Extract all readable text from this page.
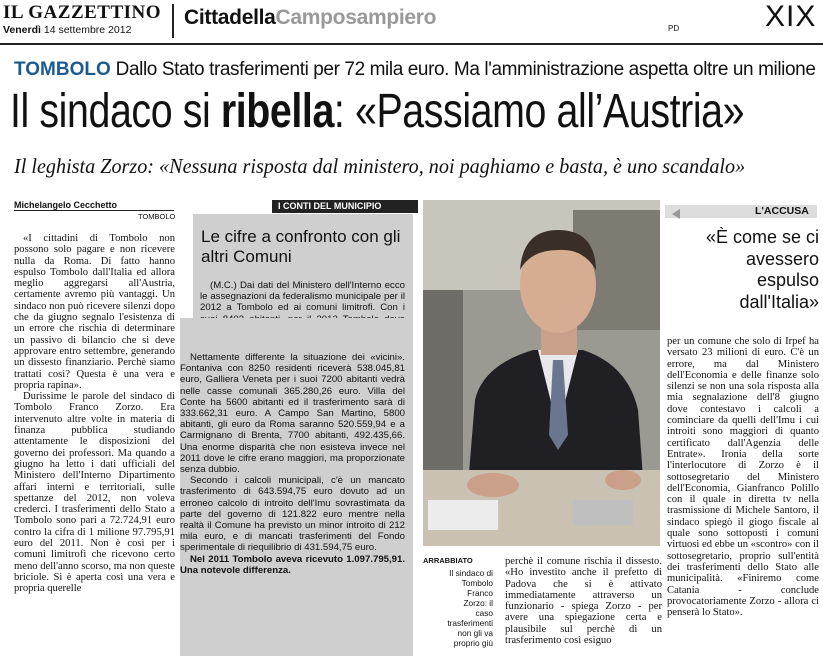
IL GAZZETTINO
Venerdì 14 settembre 2012
CittadellaCamposampiero	PD	XIX
TOMBOLO Dallo Stato trasferimenti per 72 mila euro. Ma l'amministrazione aspetta oltre un milione
Il sindaco si ribella: «Passiamo all’Austria»
Il leghista Zorzo: «Nessuna risposta dal ministero, noi paghiamo e basta, è uno scandalo»
Michelangelo Cecchetto
TOMBOLO

«I cittadini di Tombolo non possono solo pagare e non ricevere nulla da Roma. Di fatto hanno espulso Tombolo dall'Italia ed allora meglio aggregarsi all'Austria, certamente avremo più vantaggi. Un sindaco non può ricevere silenzi dopo che da giugno segnalo l'esistenza di un errore che rischia di determinare un passivo di bilancio che si deve approvare entro settembre, generando un dissesto finanziario. Perchè siamo trattati così? Questa è una vera e propria rapina».

Durissime le parole del sindaco di Tombolo Franco Zorzo. Era intervenuto altre volte in materia di finanza pubblica studiando attentamente le disposizioni del governo dei professori. Ma quando a giugno ha letto i dati ufficiali del Ministero dell'Interno Dipartimento affari interni e territoriali, sulle spettanze del 2012, non voleva crederci. I trasferimenti dello Stato a Tombolo sono pari a 72.724,91 euro contro la cifra di 1 milione 97.795,91 euro del 2011. Non è così per i comuni limitrofi che ricevono certo meno dell'anno scorso, ma non queste briciole. Si è aperta così una vera e propria querelle

I CONTI DEL MUNICIPIO
Le cifre a confronto con gli altri Comuni

(M.C.) Dai dati del Ministero dell'Interno ecco le assegnazioni da federalismo municipale per il 2012 a Tombolo ed ai comuni limitrofi. Con i

Nettamente differente la situazione dei «vicini». Fontaniva con 8250 residenti riceverà 538.045,81 euro, Galliera Veneta per i suoi 7200 abitanti vedrà nelle casse comunali 365.280,26 euro. Villa del Conte ha 5600 abitanti ed il trasferimento sarà di 333.662,31 euro. A Campo San Martino, 5800 abitanti, gli euro da Roma saranno 520.559,94 e a Carmignano di Brenta, 7700 abitanti, 492.435,66. Una enorme disparità che non esisteva invece nel 2011 dove le cifre erano maggiori, ma proporzionate senza dubbio.

Secondo i calcoli municipali, c'è un mancato trasferimento di 643.594,75 euro dovuto ad un erroneo calcolo di introito dell'Imu sovrastimata da parte del governo di 121.822 euro mentre nella realtà il Comune ha previsto un minor introito di 212 mila euro, e di mancati trasferimenti del Fondo sperimentale di riequilibrio di 431.594,75 euro.

Nel 2011 Tombolo aveva ricevuto 1.097.795,91. Una notevole differenza.

ARRABBIATO
Il sindaco di Tombolo Franco Zorzo: il caso trasferimenti non gli va proprio giù

perchè il comune rischia il dissesto. «Ho investito anche il prefetto di Padova che si è attivato immediatamente attraverso un funzionario - spiega Zorzo - per avere una spiegazione certa e plausibile sul perchè di un trasferimento così esiguo

L'ACCUSA
«È come se ci avessero espulso dall'Italia»

per un comune che solo di Irpef ha versato 23 milioni di euro. C'è un errore, ma dal Ministero dell'Economia e delle finanze solo silenzi se non una sola risposta alla mia segnalazione dell'8 giugno dove contestavo i calcoli a cominciare da quelli dell'Imu i cui introiti sono maggiori di quanto certificato dall'Agenzia delle Entrate». Ironia della sorte l'interlocutore di Zorzo è il sottosegretario del Ministero dell'Economia, Gianfranco Polillo con il quale in diretta tv nella trasmissione di Michele Santoro, il sindaco spiegò il giogo fiscale al quale sono sottoposti i comuni virtuosi ed ebbe un «scontro» con il sottosegretario, proprio sull'entità dei trasferimenti dello Stato alle municipalità. «Finiremo come Catania - conclude provocatoriamente Zorzo - allora ci penserà lo Stato».
